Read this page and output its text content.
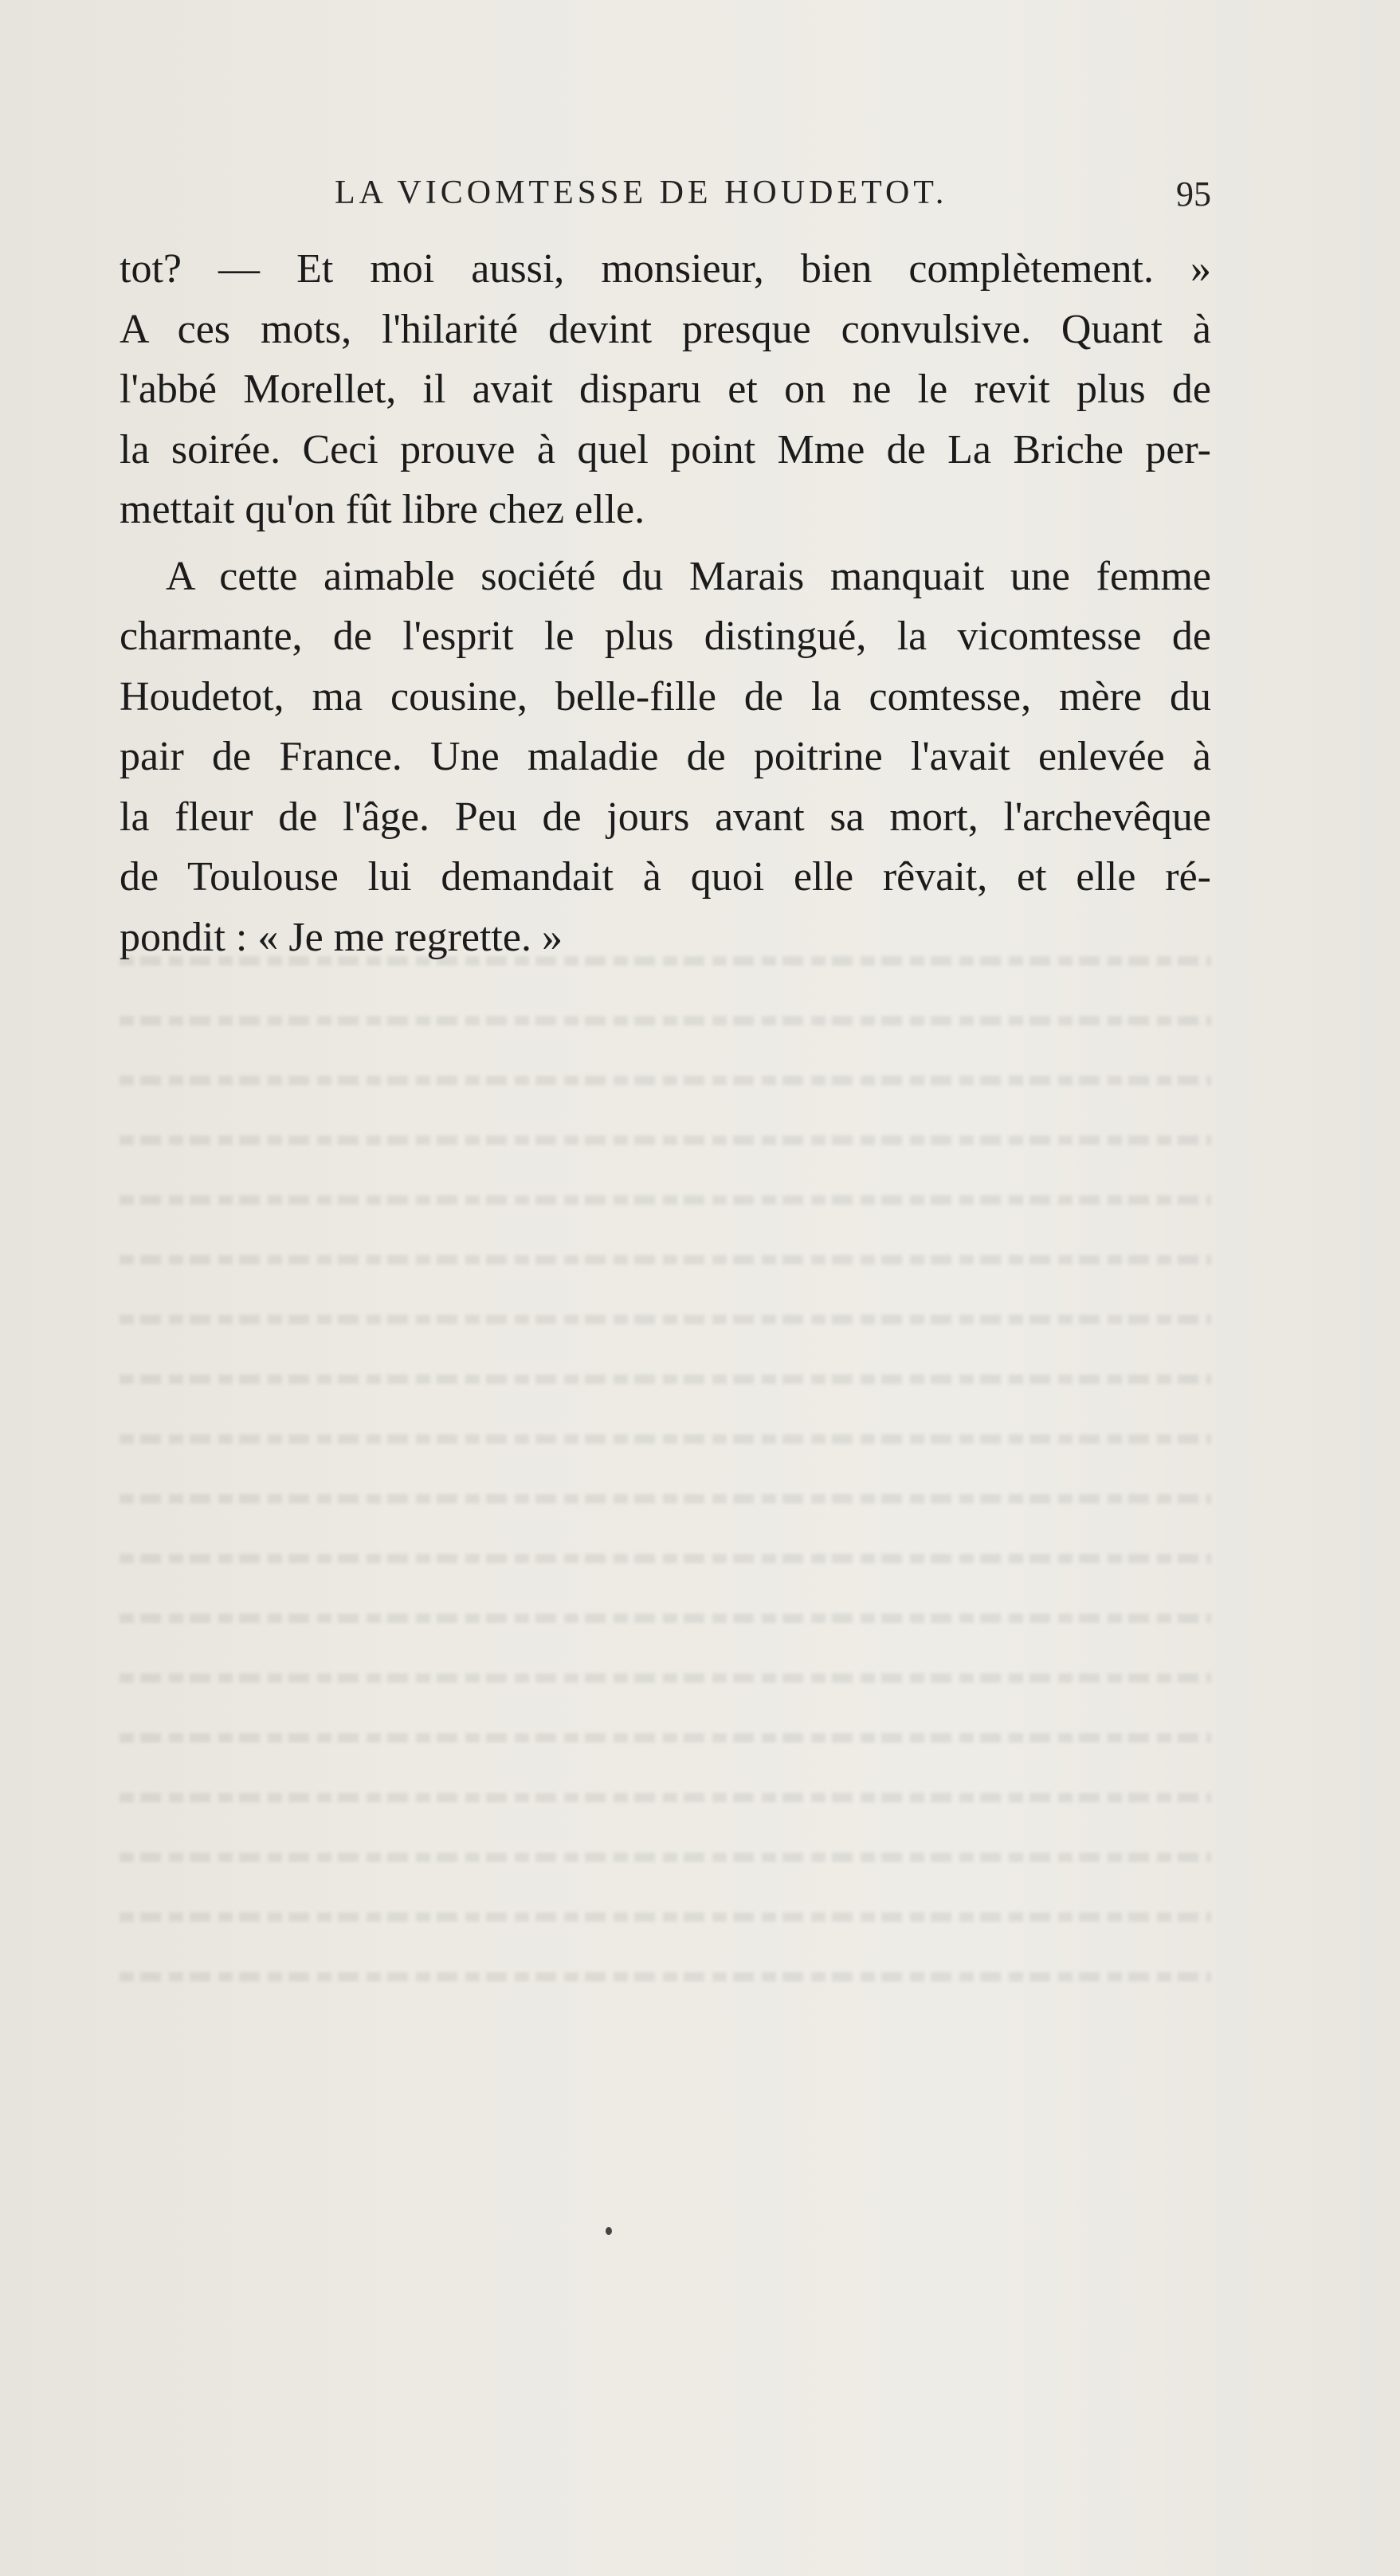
LA VICOMTESSE DE HOUDETOT.	95
tot? — Et moi aussi, monsieur, bien complètement. »
A ces mots, l'hilarité devint presque convulsive. Quant à
l'abbé Morellet, il avait disparu et on ne le revit plus de
la soirée. Ceci prouve à quel point Mme de La Briche per-
mettait qu'on fût libre chez elle.
A cette aimable société du Marais manquait une femme
charmante, de l'esprit le plus distingué, la vicomtesse de
Houdetot, ma cousine, belle-fille de la comtesse, mère du
pair de France. Une maladie de poitrine l'avait enlevée à
la fleur de l'âge. Peu de jours avant sa mort, l'archevêque
de Toulouse lui demandait à quoi elle rêvait, et elle ré-
pondit : « Je me regrette. »
